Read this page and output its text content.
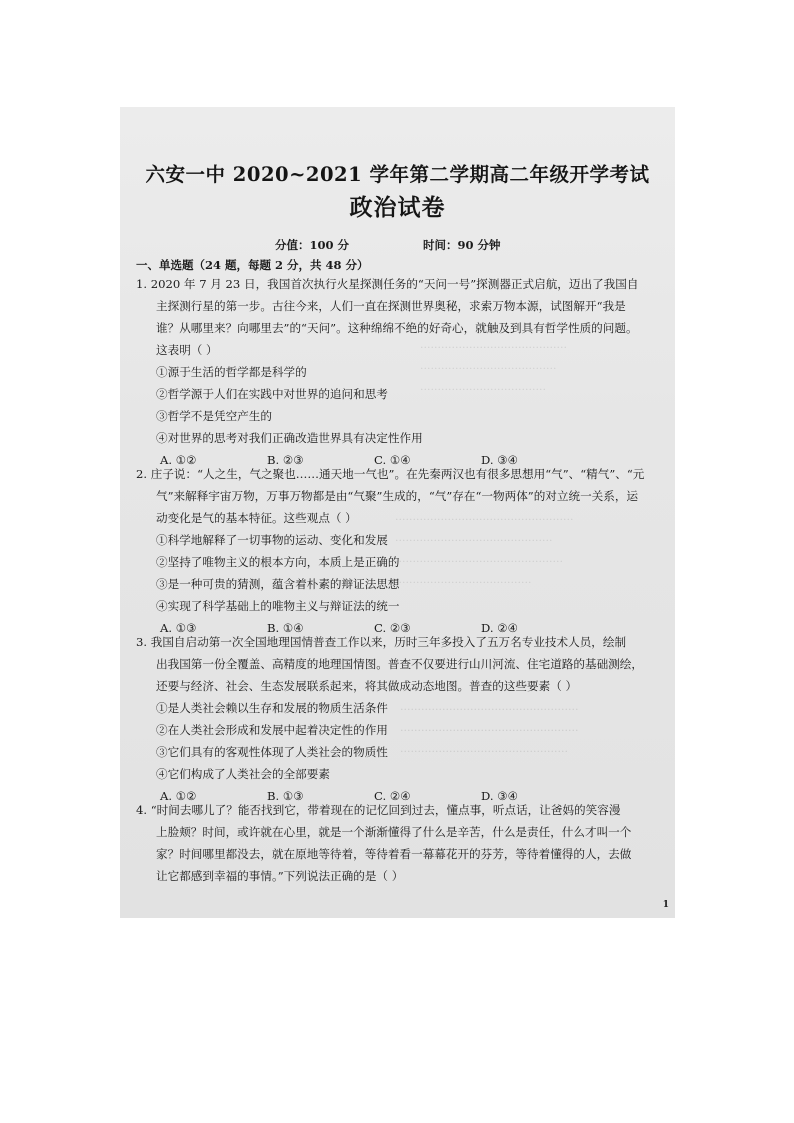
……………………………………
…………………………………
………………………………
……………………………………………
………………………………………
…………………………………………
…………………………………
……………………………………………
……………………………………………
…………………………………………
六安一中 2020~2021 学年第二学期高二年级开学考试
政治试卷
分值：100 分	时间：90 分钟
一、单选题（24 题，每题 2 分，共 48 分）
1. 2020 年 7 月 23 日，我国首次执行火星探测任务的“天问一号”探测器正式启航，迈出了我国自
主探测行星的第一步。古往今来，人们一直在探测世界奥秘，求索万物本源，试图解开“我是
谁？从哪里来？向哪里去”的“天问”。这种绵绵不绝的好奇心，就触及到具有哲学性质的问题。
这表明（ ）
①源于生活的哲学都是科学的
②哲学源于人们在实践中对世界的追问和思考
③哲学不是凭空产生的
④对世界的思考对我们正确改造世界具有决定性作用
A. ①②	B. ②③	C. ①④	D. ③④
2. 庄子说：“人之生，气之聚也……通天地一气也”。在先秦两汉也有很多思想用“气”、“精气”、“元
气”来解释宇宙万物，万事万物都是由“气聚”生成的，“气”存在“一物两体”的对立统一关系，运
动变化是气的基本特征。这些观点（ ）
①科学地解释了一切事物的运动、变化和发展
②坚持了唯物主义的根本方向，本质上是正确的
③是一种可贵的猜测，蕴含着朴素的辩证法思想
④实现了科学基础上的唯物主义与辩证法的统一
A. ①③	B. ①④	C. ②③	D. ②④
3. 我国自启动第一次全国地理国情普查工作以来，历时三年多投入了五万名专业技术人员，绘制
出我国第一份全覆盖、高精度的地理国情图。普查不仅要进行山川河流、住宅道路的基础测绘，
还要与经济、社会、生态发展联系起来，将其做成动态地图。普查的这些要素（ ）
①是人类社会赖以生存和发展的物质生活条件
②在人类社会形成和发展中起着决定性的作用
③它们具有的客观性体现了人类社会的物质性
④它们构成了人类社会的全部要素
A. ①②	B. ①③	C. ②④	D. ③④
4. “时间去哪儿了？能否找到它，带着现在的记忆回到过去，懂点事，听点话，让爸妈的笑容漫
上脸颊？时间，或许就在心里，就是一个渐渐懂得了什么是辛苦，什么是责任，什么才叫一个
家？时间哪里都没去，就在原地等待着，等待着看一幕幕花开的芬芳，等待着懂得的人，去做
让它都感到幸福的事情。”下列说法正确的是（ ）
1
